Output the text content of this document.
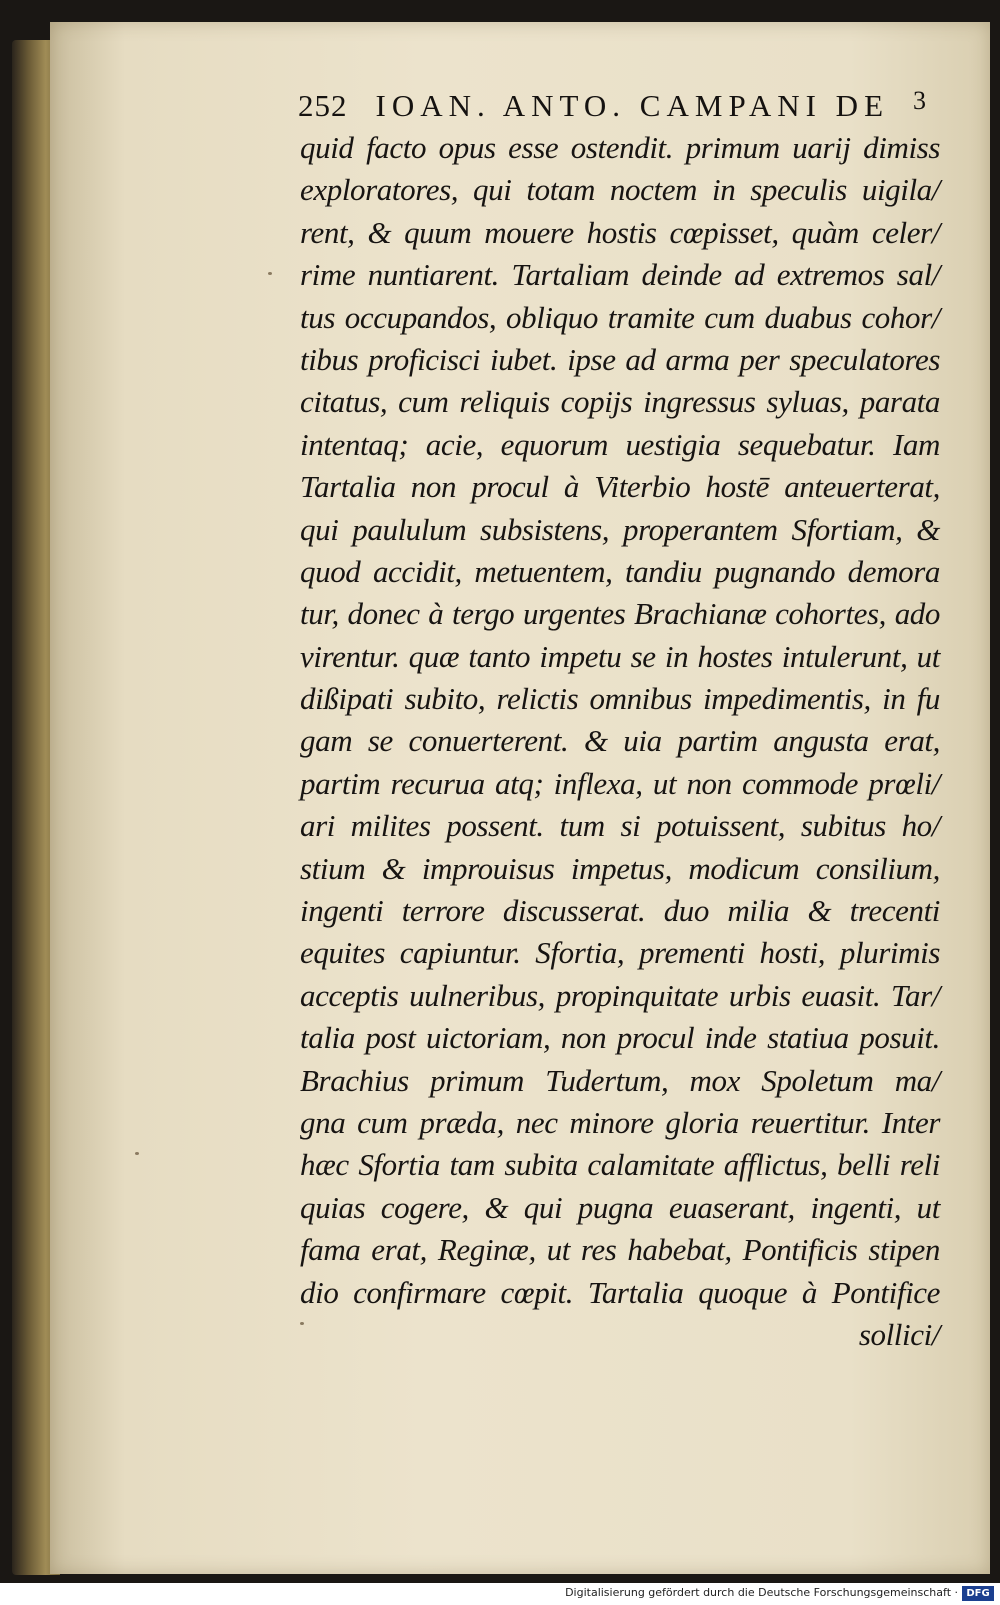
252 IOAN. ANTO. CAMPANI DE 3
quid facto opus esse ostendit. primum uarij dimiss
exploratores, qui totam noctem in speculis uigila/
rent, & quum mouere hostis cœpisset, quàm celer/
rime nuntiarent. Tartaliam deinde ad extremos sal/
tus occupandos, obliquo tramite cum duabus cohor/
tibus proficisci iubet. ipse ad arma per speculatores
citatus, cum reliquis copijs ingressus syluas, parata
intentaq; acie, equorum uestigia sequebatur. Iam
Tartalia non procul à Viterbio hostē anteuerterat,
qui paululum subsistens, properantem Sfortiam, &
quod accidit, metuentem, tandiu pugnando demora
tur, donec à tergo urgentes Brachianæ cohortes, ado
virentur. quæ tanto impetu se in hostes intulerunt, ut
dißipati subito, relictis omnibus impedimentis, in fu
gam se conuerterent. & uia partim angusta erat,
partim recurua atq; inflexa, ut non commode prœli/
ari milites possent. tum si potuissent, subitus ho/
stium & improuisus impetus, modicum consilium,
ingenti terrore discusserat. duo milia & trecenti
equites capiuntur. Sfortia, prementi hosti, plurimis
acceptis uulneribus, propinquitate urbis euasit. Tar/
talia post uictoriam, non procul inde statiua posuit.
Brachius primum Tudertum, mox Spoletum ma/
gna cum præda, nec minore gloria reuertitur. Inter
hæc Sfortia tam subita calamitate afflictus, belli reli
quias cogere, & qui pugna euaserant, ingenti, ut
fama erat, Reginæ, ut res habebat, Pontificis stipen
dio confirmare cœpit. Tartalia quoque à Pontifice
sollici/
Digitalisierung gefördert durch die Deutsche Forschungsgemeinschaft · DFG
